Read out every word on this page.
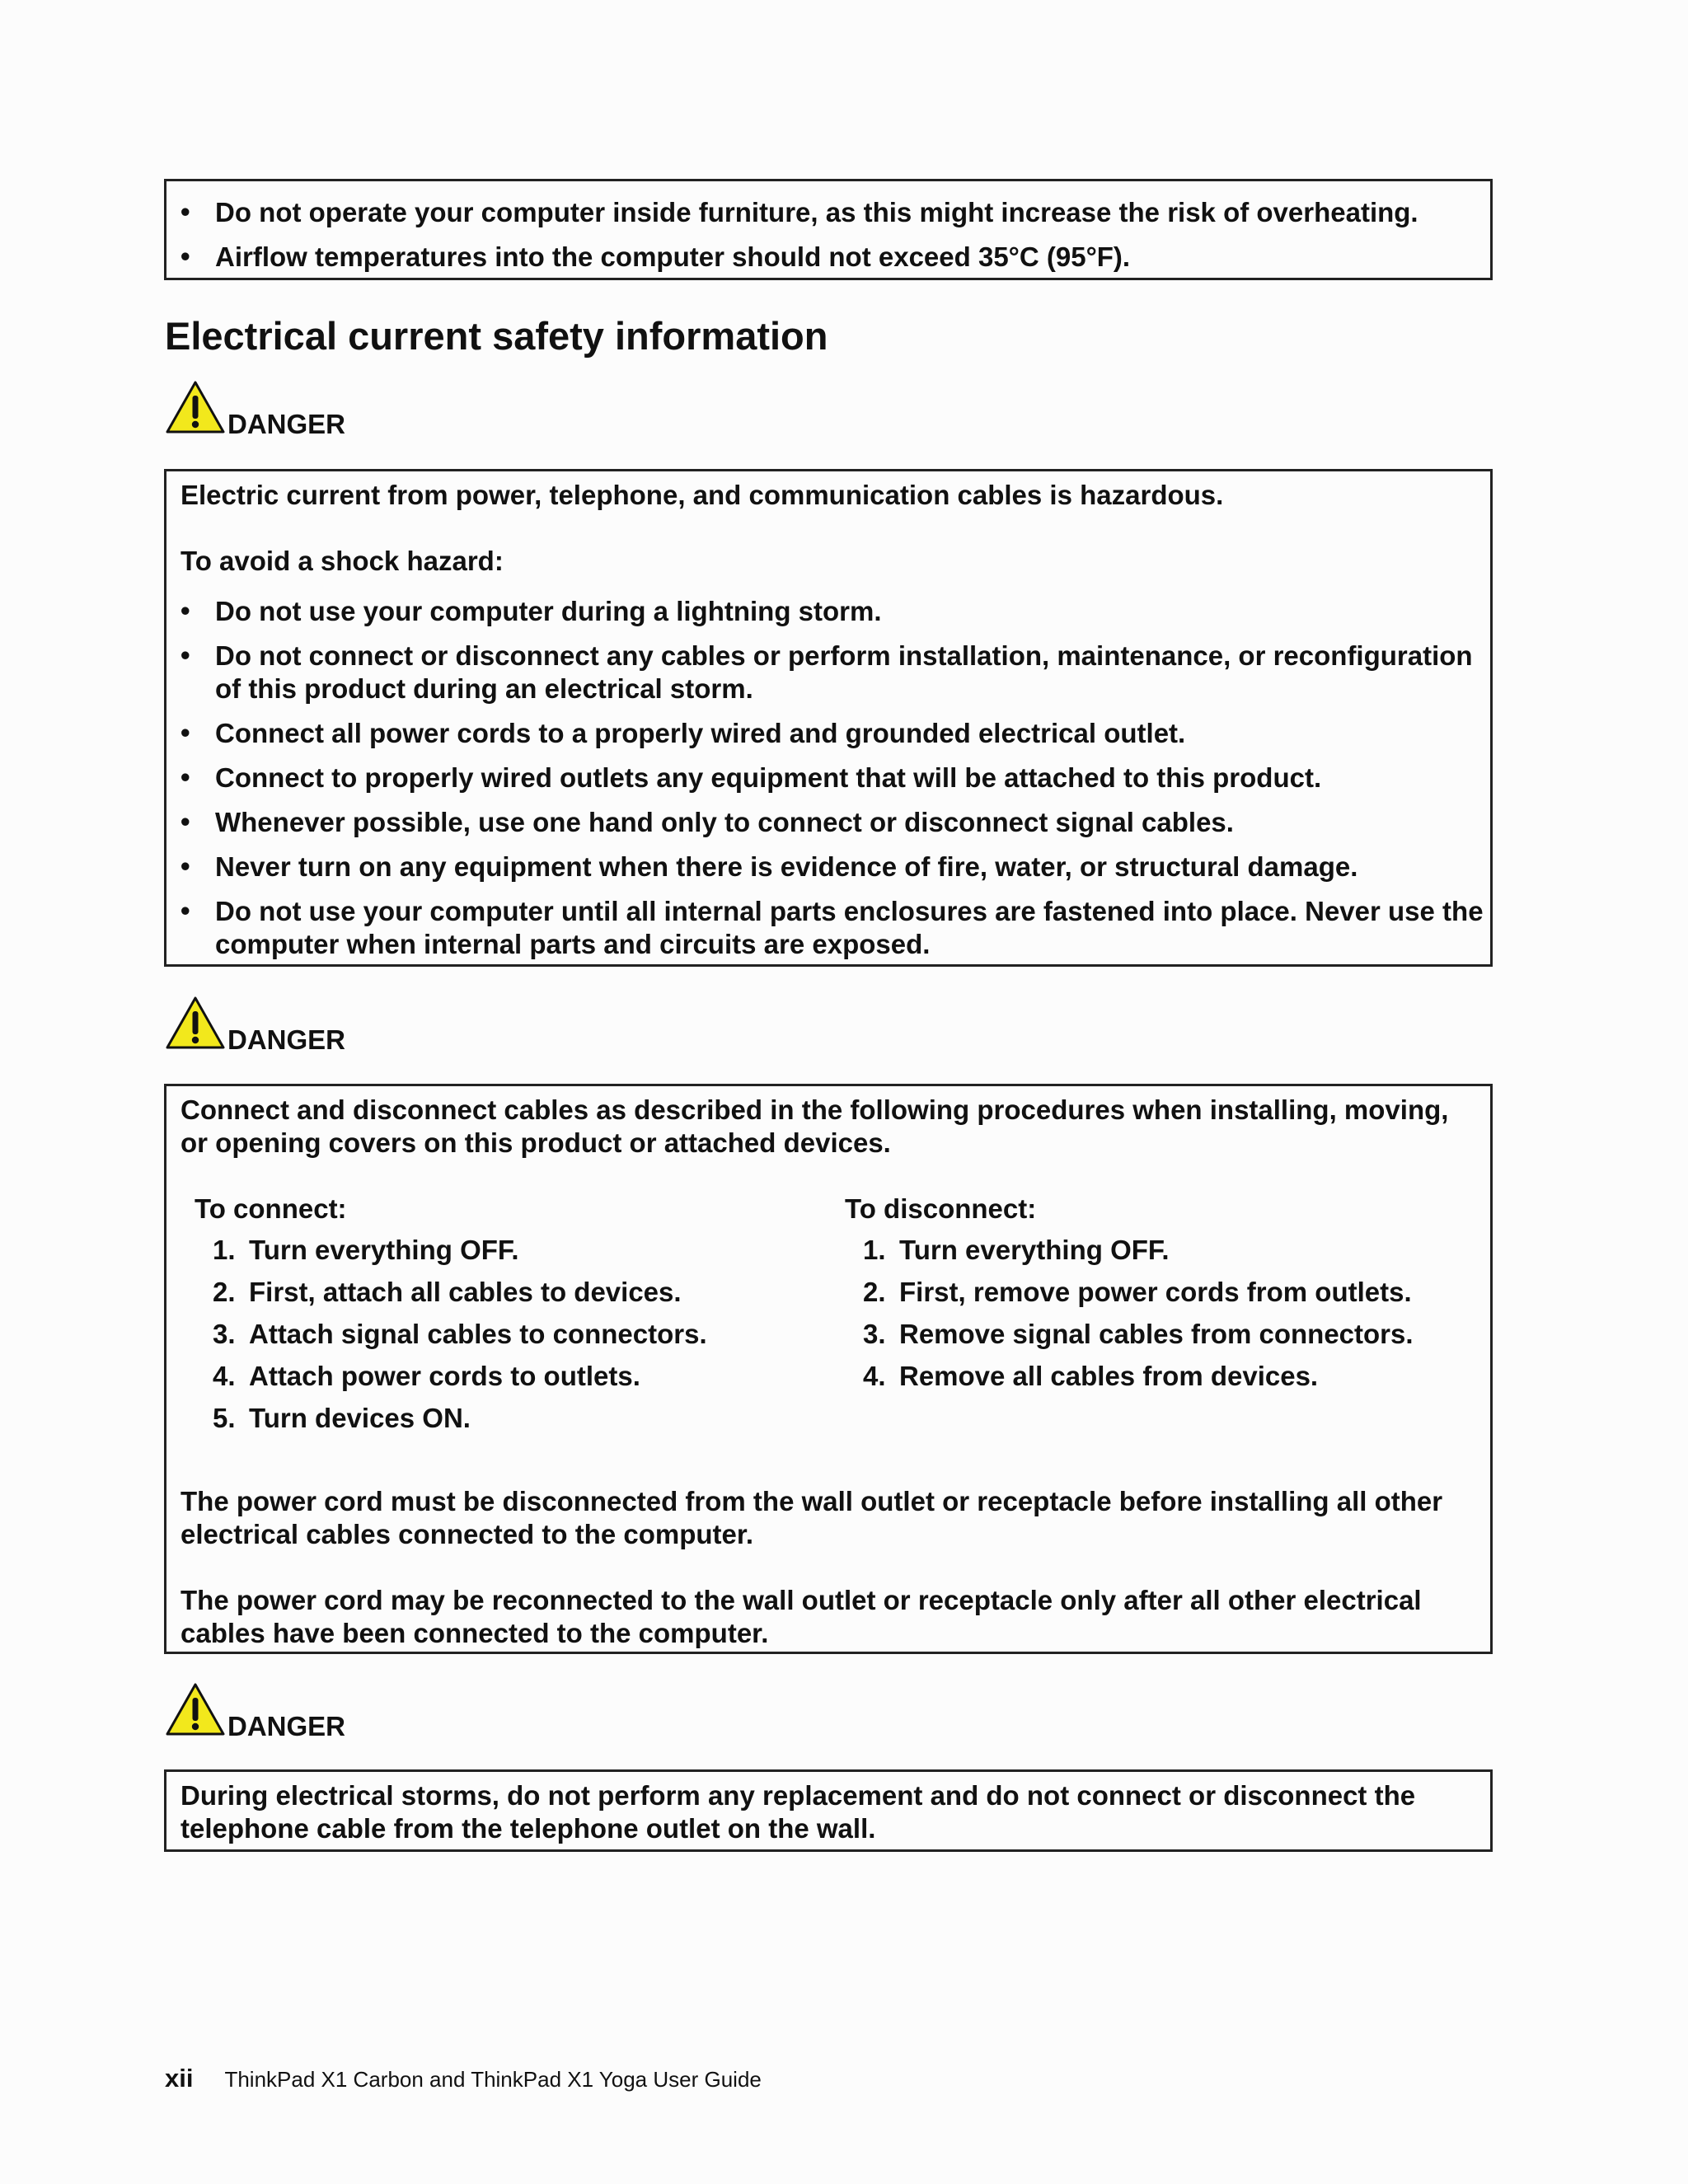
• Do not operate your computer inside furniture, as this might increase the risk of overheating.
• Airflow temperatures into the computer should not exceed 35°C (95°F).
Electrical current safety information
DANGER
Electric current from power, telephone, and communication cables is hazardous.
To avoid a shock hazard:
• Do not use your computer during a lightning storm.
• Do not connect or disconnect any cables or perform installation, maintenance, or reconfiguration of this product during an electrical storm.
• Connect all power cords to a properly wired and grounded electrical outlet.
• Connect to properly wired outlets any equipment that will be attached to this product.
• Whenever possible, use one hand only to connect or disconnect signal cables.
• Never turn on any equipment when there is evidence of fire, water, or structural damage.
• Do not use your computer until all internal parts enclosures are fastened into place. Never use the computer when internal parts and circuits are exposed.
DANGER
Connect and disconnect cables as described in the following procedures when installing, moving,
or opening covers on this product or attached devices.
To connect:
1. Turn everything OFF.
2. First, attach all cables to devices.
3. Attach signal cables to connectors.
4. Attach power cords to outlets.
5. Turn devices ON.
To disconnect:
1. Turn everything OFF.
2. First, remove power cords from outlets.
3. Remove signal cables from connectors.
4. Remove all cables from devices.
The power cord must be disconnected from the wall outlet or receptacle before installing all other
electrical cables connected to the computer.
The power cord may be reconnected to the wall outlet or receptacle only after all other electrical
cables have been connected to the computer.
DANGER
During electrical storms, do not perform any replacement and do not connect or disconnect the
telephone cable from the telephone outlet on the wall.
xii ThinkPad X1 Carbon and ThinkPad X1 Yoga User Guide
